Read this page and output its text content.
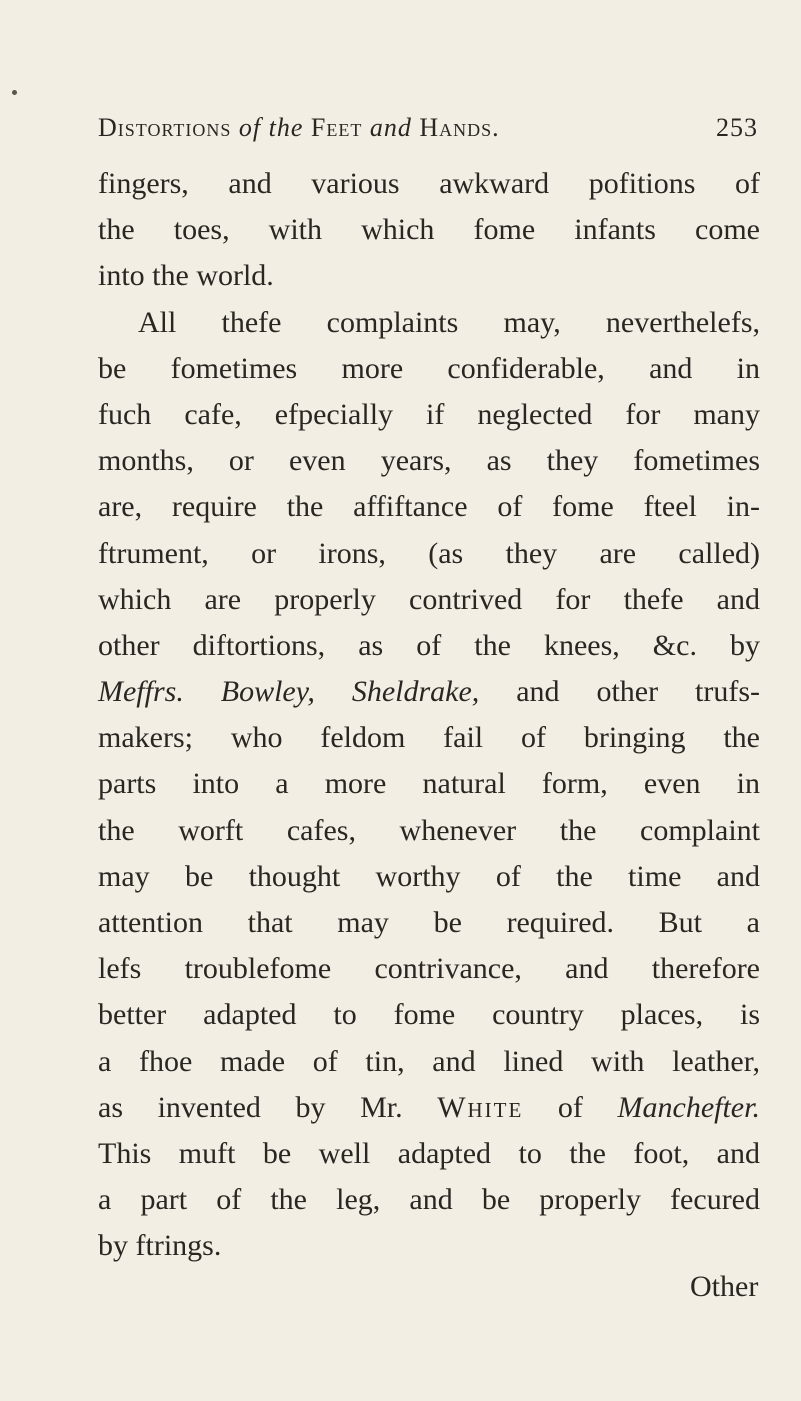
Distortions of the Feet and Hands.	253
fingers, and various awkward pofitions of
the toes, with which fome infants come
into the world.
All thefe complaints may, neverthelefs,
be fometimes more confiderable, and in
fuch cafe, efpecially if neglected for many
months, or even years, as they fometimes
are, require the affiftance of fome fteel in-
ftrument, or irons, (as they are called)
which are properly contrived for thefe and
other diftortions, as of the knees, &c. by
Meffrs. Bowley, Sheldrake, and other trufs-
makers; who feldom fail of bringing the
parts into a more natural form, even in
the worft cafes, whenever the complaint
may be thought worthy of the time and
attention that may be required. But a
lefs troublefome contrivance, and therefore
better adapted to fome country places, is
a fhoe made of tin, and lined with leather,
as invented by Mr. White of Manchefter.
This muft be well adapted to the foot, and
a part of the leg, and be properly fecured
by ftrings.
Other
